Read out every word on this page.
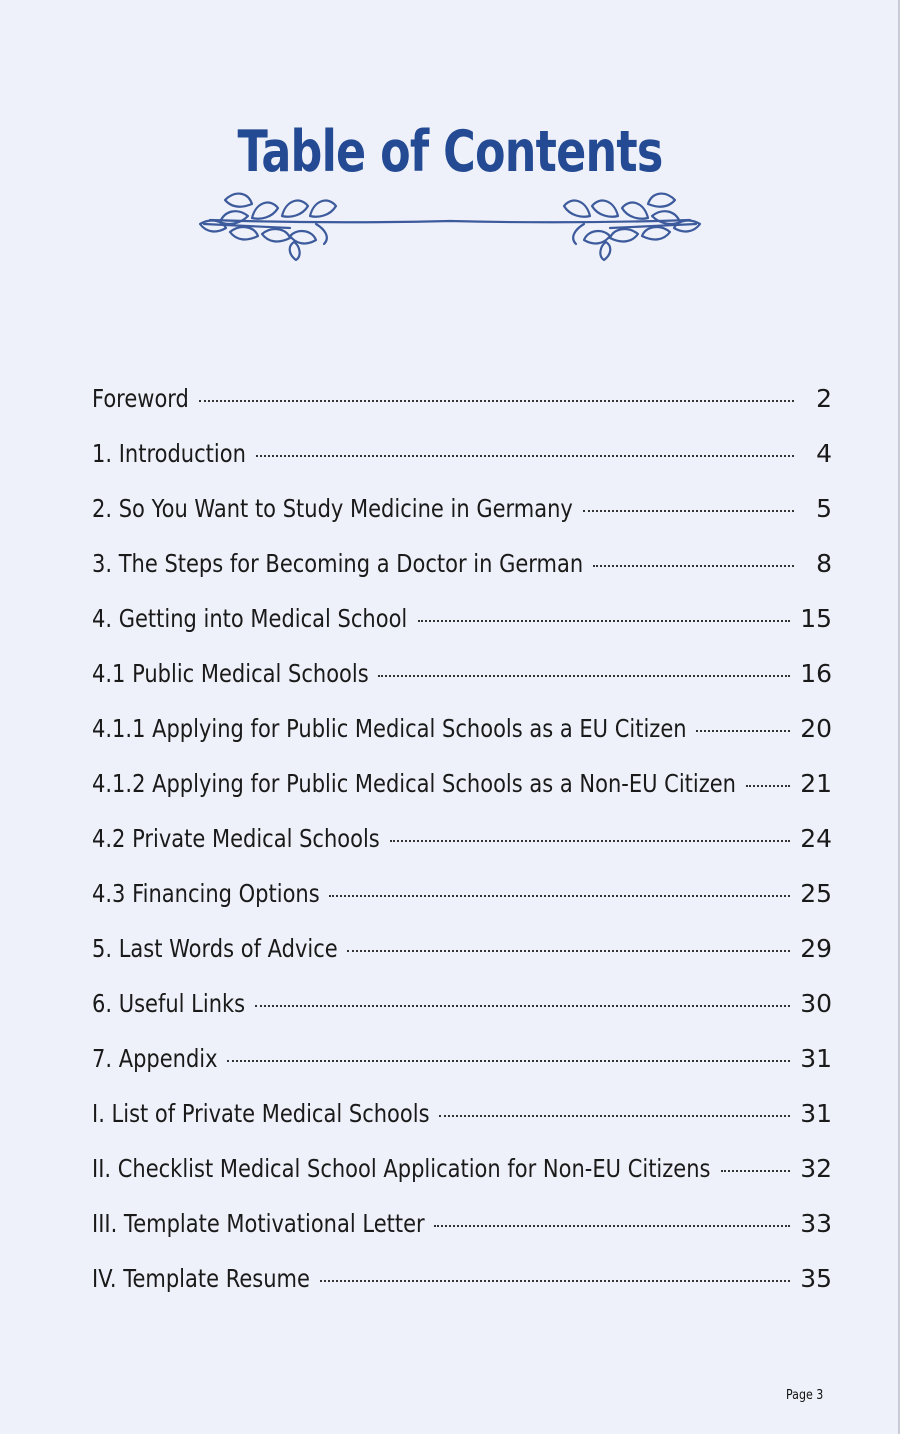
Table of Contents
Foreword	2
1. Introduction	4
2. So You Want to Study Medicine in Germany	5
3. The Steps for Becoming a Doctor in German	8
4. Getting into Medical School	15
4.1 Public Medical Schools	16
4.1.1 Applying for Public Medical Schools as a EU Citizen	20
4.1.2 Applying for Public Medical Schools as a Non-EU Citizen	21
4.2 Private Medical Schools	24
4.3 Financing Options	25
5. Last Words of Advice	29
6. Useful Links	30
7. Appendix	31
I. List of Private Medical Schools	31
II. Checklist Medical School Application for Non-EU Citizens	32
III. Template Motivational Letter	33
IV. Template Resume	35
Page 3
